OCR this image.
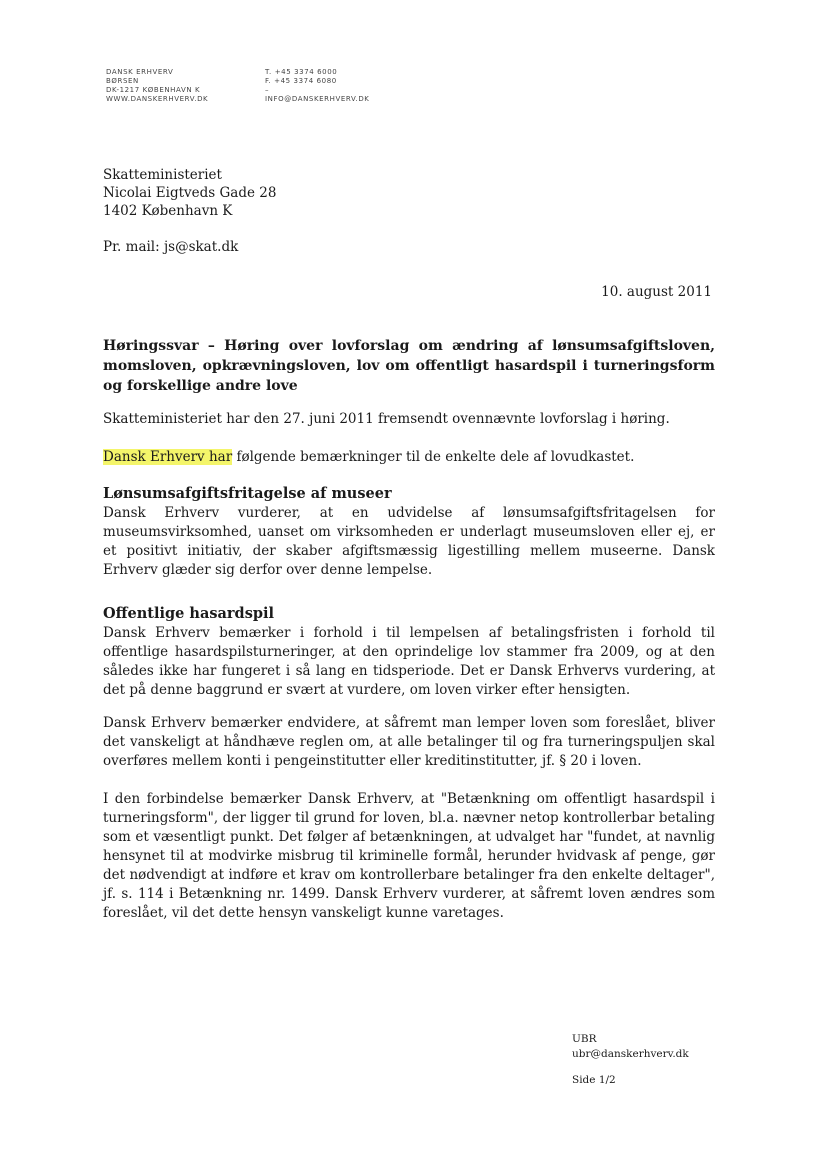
DANSK ERHVERV
BØRSEN
DK-1217 KØBENHAVN K
WWW.DANSKERHVERV.DK
T. +45 3374 6000
F. +45 3374 6080
–
INFO@DANSKERHVERV.DK
Skatteministeriet
Nicolai Eigtveds Gade 28
1402 København K
Pr. mail: js@skat.dk
10. august 2011
Høringssvar – Høring over lovforslag om ændring af lønsumsafgiftsloven, momsloven, opkrævningsloven, lov om offentligt hasardspil i turneringsform og forskellige andre love
Skatteministeriet har den 27. juni 2011 fremsendt ovennævnte lovforslag i høring.
Dansk Erhverv har følgende bemærkninger til de enkelte dele af lovudkastet.
Lønsumsafgiftsfritagelse af museer
Dansk Erhverv vurderer, at en udvidelse af lønsumsafgiftsfritagelsen for museumsvirksomhed, uanset om virksomheden er underlagt museumsloven eller ej, er et positivt initiativ, der skaber afgiftsmæssig ligestilling mellem museerne. Dansk Erhverv glæder sig derfor over denne lempelse.
Offentlige hasardspil
Dansk Erhverv bemærker i forhold i til lempelsen af betalingsfristen i forhold til offentlige hasardspilsturneringer, at den oprindelige lov stammer fra 2009, og at den således ikke har fungeret i så lang en tidsperiode. Det er Dansk Erhvervs vurdering, at det på denne baggrund er svært at vurdere, om loven virker efter hensigten.
Dansk Erhverv bemærker endvidere, at såfremt man lemper loven som foreslået, bliver det vanskeligt at håndhæve reglen om, at alle betalinger til og fra turneringspuljen skal overføres mellem konti i pengeinstitutter eller kreditinstitutter, jf. § 20 i loven.
I den forbindelse bemærker Dansk Erhverv, at "Betænkning om offentligt hasardspil i turneringsform", der ligger til grund for loven, bl.a. nævner netop kontrollerbar betaling som et væsentligt punkt. Det følger af betænkningen, at udvalget har "fundet, at navnlig hensynet til at modvirke misbrug til kriminelle formål, herunder hvidvask af penge, gør det nødvendigt at indføre et krav om kontrollerbare betalinger fra den enkelte deltager", jf. s. 114 i Betænkning nr. 1499. Dansk Erhverv vurderer, at såfremt loven ændres som foreslået, vil det dette hensyn vanskeligt kunne varetages.
UBR
ubr@danskerhverv.dk
Side 1/2
